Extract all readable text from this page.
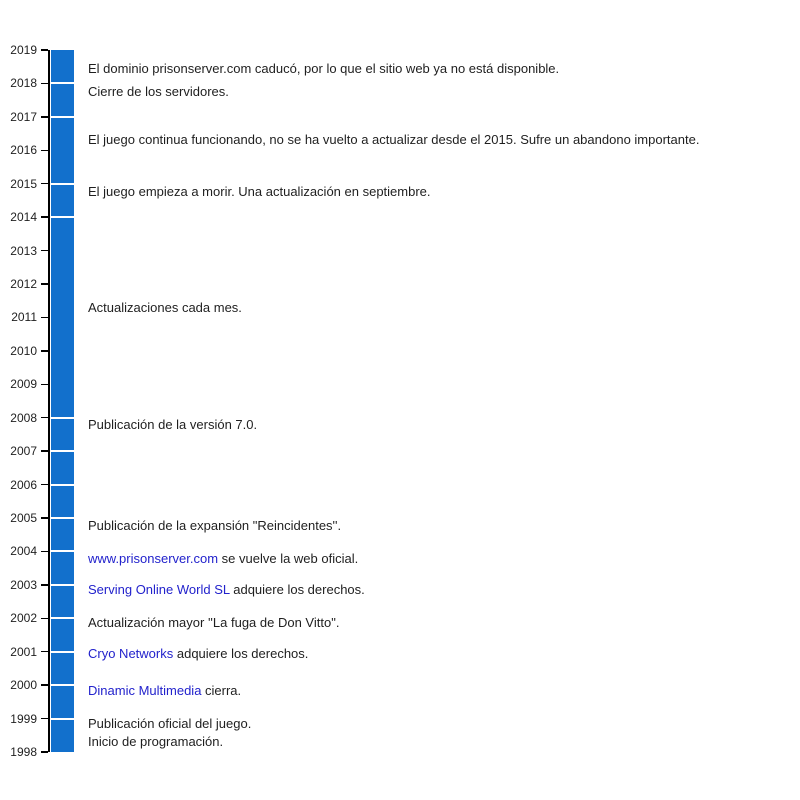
2019
2018
2017
2016
2015
2014
2013
2012
2011
2010
2009
2008
2007
2006
2005
2004
2003
2002
2001
2000
1999
1998
El dominio prisonserver.com caducó, por lo que el sitio web ya no está disponible.
Cierre de los servidores.
El juego continua funcionando, no se ha vuelto a actualizar desde el 2015. Sufre un abandono importante.
El juego empieza a morir. Una actualización en septiembre.
Actualizaciones cada mes.
Publicación de la versión 7.0.
Publicación de la expansión "Reincidentes''.
www.prisonserver.com se vuelve la web oficial.
Serving Online World SL adquiere los derechos.
Actualización mayor ''La fuga de Don Vitto".
Cryo Networks adquiere los derechos.
Dinamic Multimedia cierra.
Publicación oficial del juego.
Inicio de programación.
